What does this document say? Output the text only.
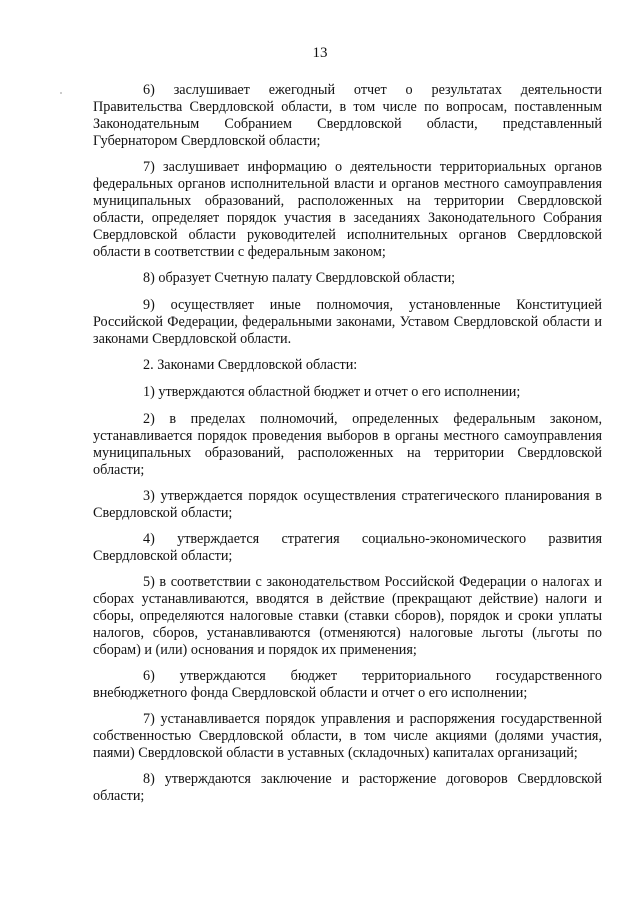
13

6) заслушивает ежегодный отчет о результатах деятельности Правительства Свердловской области, в том числе по вопросам, поставленным Законодательным Собранием Свердловской области, представленный Губернатором Свердловской области;

7) заслушивает информацию о деятельности территориальных органов федеральных органов исполнительной власти и органов местного самоуправления муниципальных образований, расположенных на территории Свердловской области, определяет порядок участия в заседаниях Законодательного Собрания Свердловской области руководителей исполнительных органов Свердловской области в соответствии с федеральным законом;

8) образует Счетную палату Свердловской области;

9) осуществляет иные полномочия, установленные Конституцией Российской Федерации, федеральными законами, Уставом Свердловской области и законами Свердловской области.

2. Законами Свердловской области:

1) утверждаются областной бюджет и отчет о его исполнении;

2) в пределах полномочий, определенных федеральным законом, устанавливается порядок проведения выборов в органы местного самоуправления муниципальных образований, расположенных на территории Свердловской области;

3) утверждается порядок осуществления стратегического планирования в Свердловской области;

4) утверждается стратегия социально-экономического развития Свердловской области;

5) в соответствии с законодательством Российской Федерации о налогах и сборах устанавливаются, вводятся в действие (прекращают действие) налоги и сборы, определяются налоговые ставки (ставки сборов), порядок и сроки уплаты налогов, сборов, устанавливаются (отменяются) налоговые льготы (льготы по сборам) и (или) основания и порядок их применения;

6) утверждаются бюджет территориального государственного внебюджетного фонда Свердловской области и отчет о его исполнении;

7) устанавливается порядок управления и распоряжения государственной собственностью Свердловской области, в том числе акциями (долями участия, паями) Свердловской области в уставных (складочных) капиталах организаций;

8) утверждаются заключение и расторжение договоров Свердловской области;
